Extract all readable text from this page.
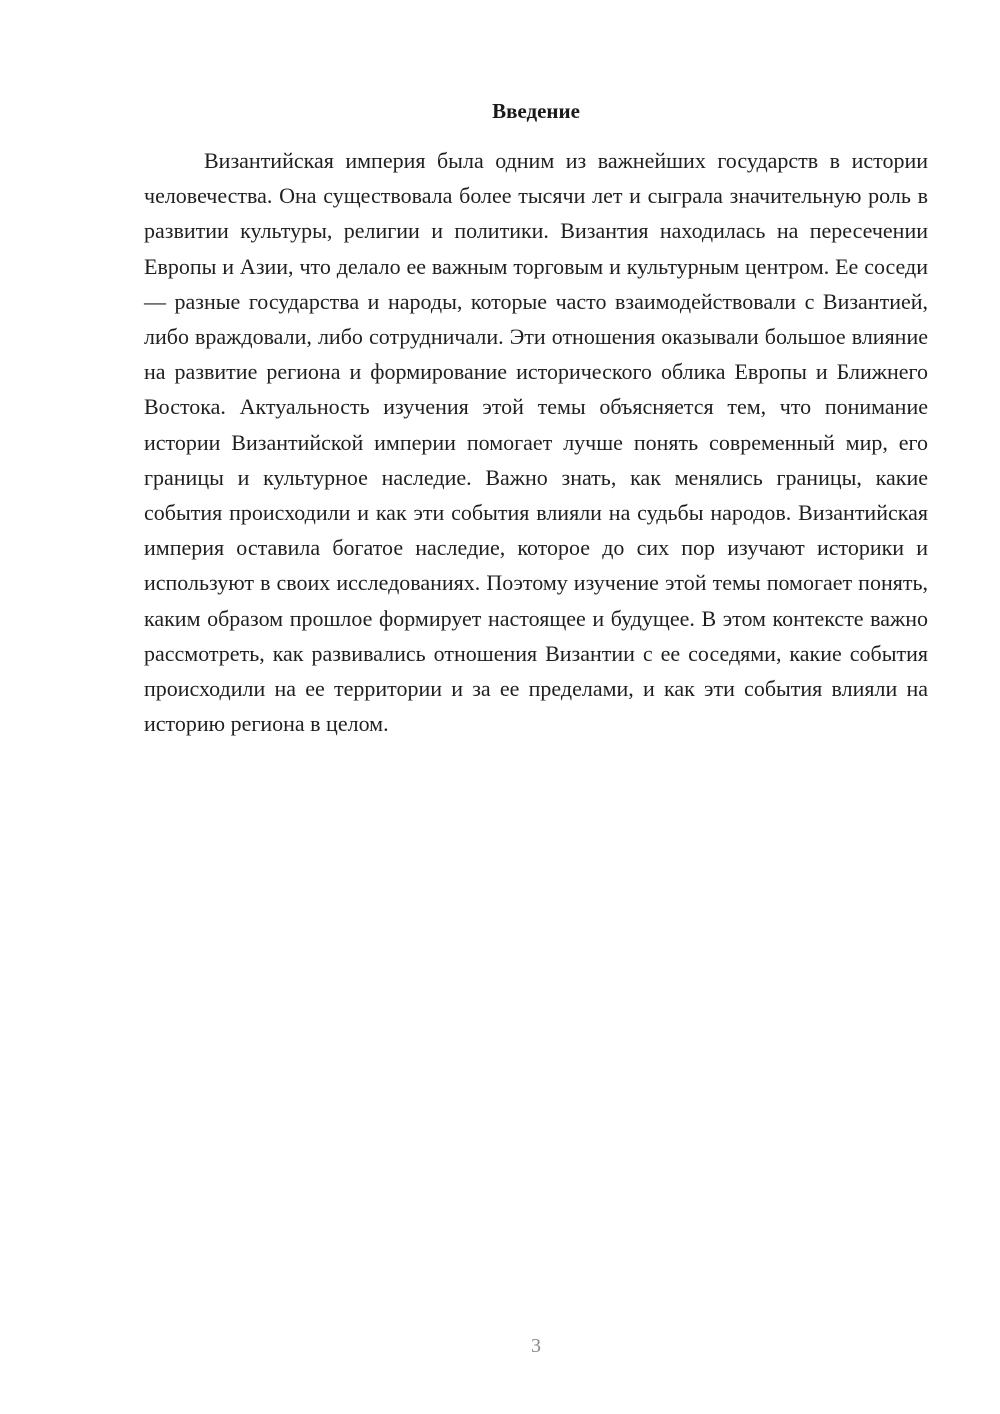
Введение

Византийская империя была одним из важнейших государств в истории человечества. Она существовала более тысячи лет и сыграла значительную роль в развитии культуры, религии и политики. Византия находилась на пересечении Европы и Азии, что делало ее важным торговым и культурным центром. Ее соседи — разные государства и народы, которые часто взаимодействовали с Византией, либо враждовали, либо сотрудничали. Эти отношения оказывали большое влияние на развитие региона и формирование исторического облика Европы и Ближнего Востока. Актуальность изучения этой темы объясняется тем, что понимание истории Византийской империи помогает лучше понять современный мир, его границы и культурное наследие. Важно знать, как менялись границы, какие события происходили и как эти события влияли на судьбы народов. Византийская империя оставила богатое наследие, которое до сих пор изучают историки и используют в своих исследованиях. Поэтому изучение этой темы помогает понять, каким образом прошлое формирует настоящее и будущее. В этом контексте важно рассмотреть, как развивались отношения Византии с ее соседями, какие события происходили на ее территории и за ее пределами, и как эти события влияли на историю региона в целом.

3
